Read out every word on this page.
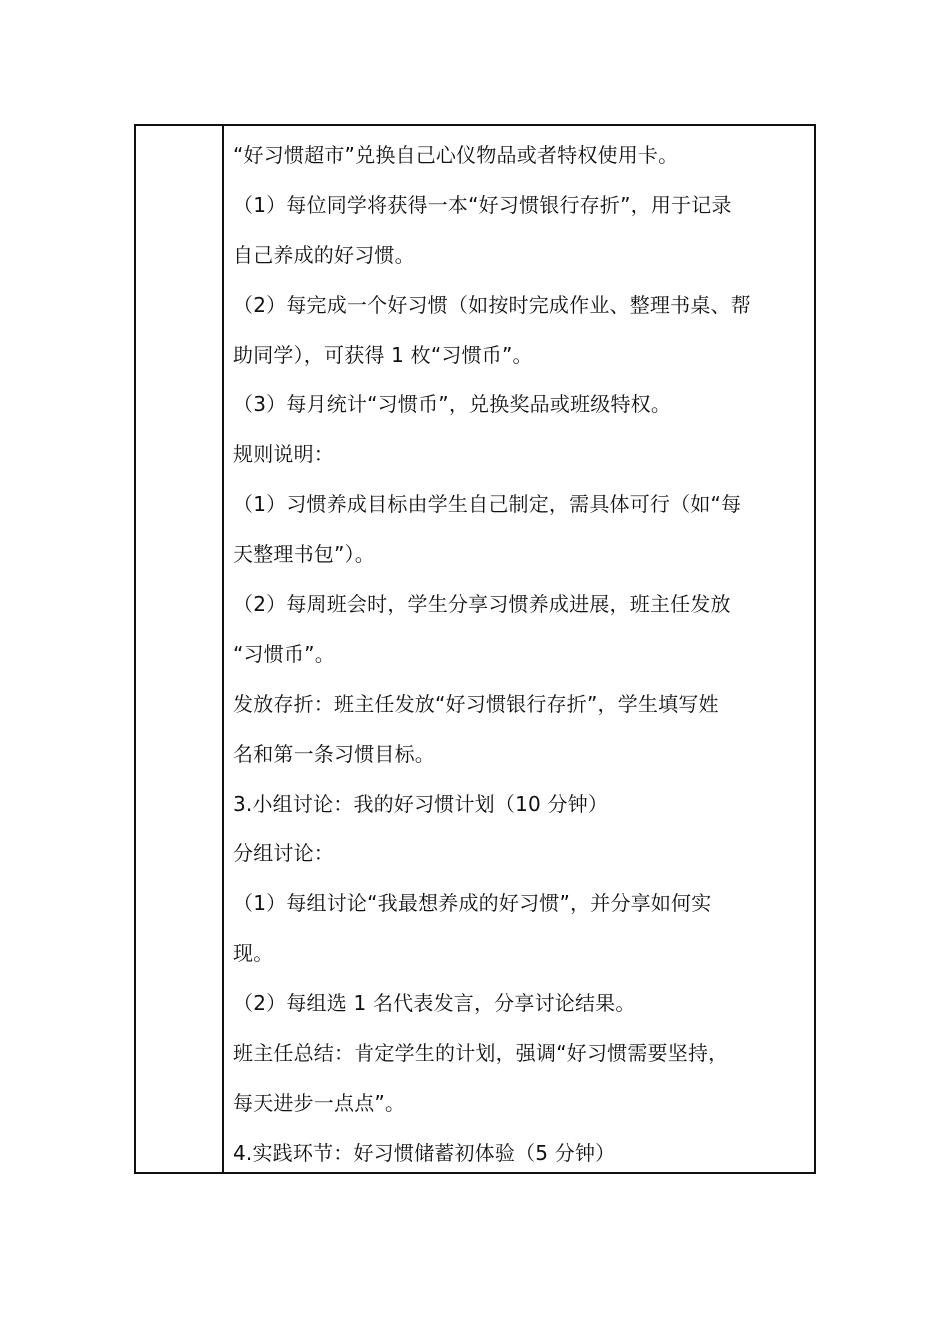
“好习惯超市”兑换自己心仪物品或者特权使用卡。
（1）每位同学将获得一本“好习惯银行存折”，用于记录
自己养成的好习惯。
（2）每完成一个好习惯（如按时完成作业、整理书桌、帮
助同学），可获得 1 枚“习惯币”。
（3）每月统计“习惯币”，兑换奖品或班级特权。
规则说明：
（1）习惯养成目标由学生自己制定，需具体可行（如“每
天整理书包”）。
（2）每周班会时，学生分享习惯养成进展，班主任发放
“习惯币”。
发放存折：班主任发放“好习惯银行存折”，学生填写姓
名和第一条习惯目标。
3.小组讨论：我的好习惯计划（10 分钟）
分组讨论：
（1）每组讨论“我最想养成的好习惯”，并分享如何实
现。
（2）每组选 1 名代表发言，分享讨论结果。
班主任总结：肯定学生的计划，强调“好习惯需要坚持，
每天进步一点点”。
4.实践环节：好习惯储蓄初体验（5 分钟）
